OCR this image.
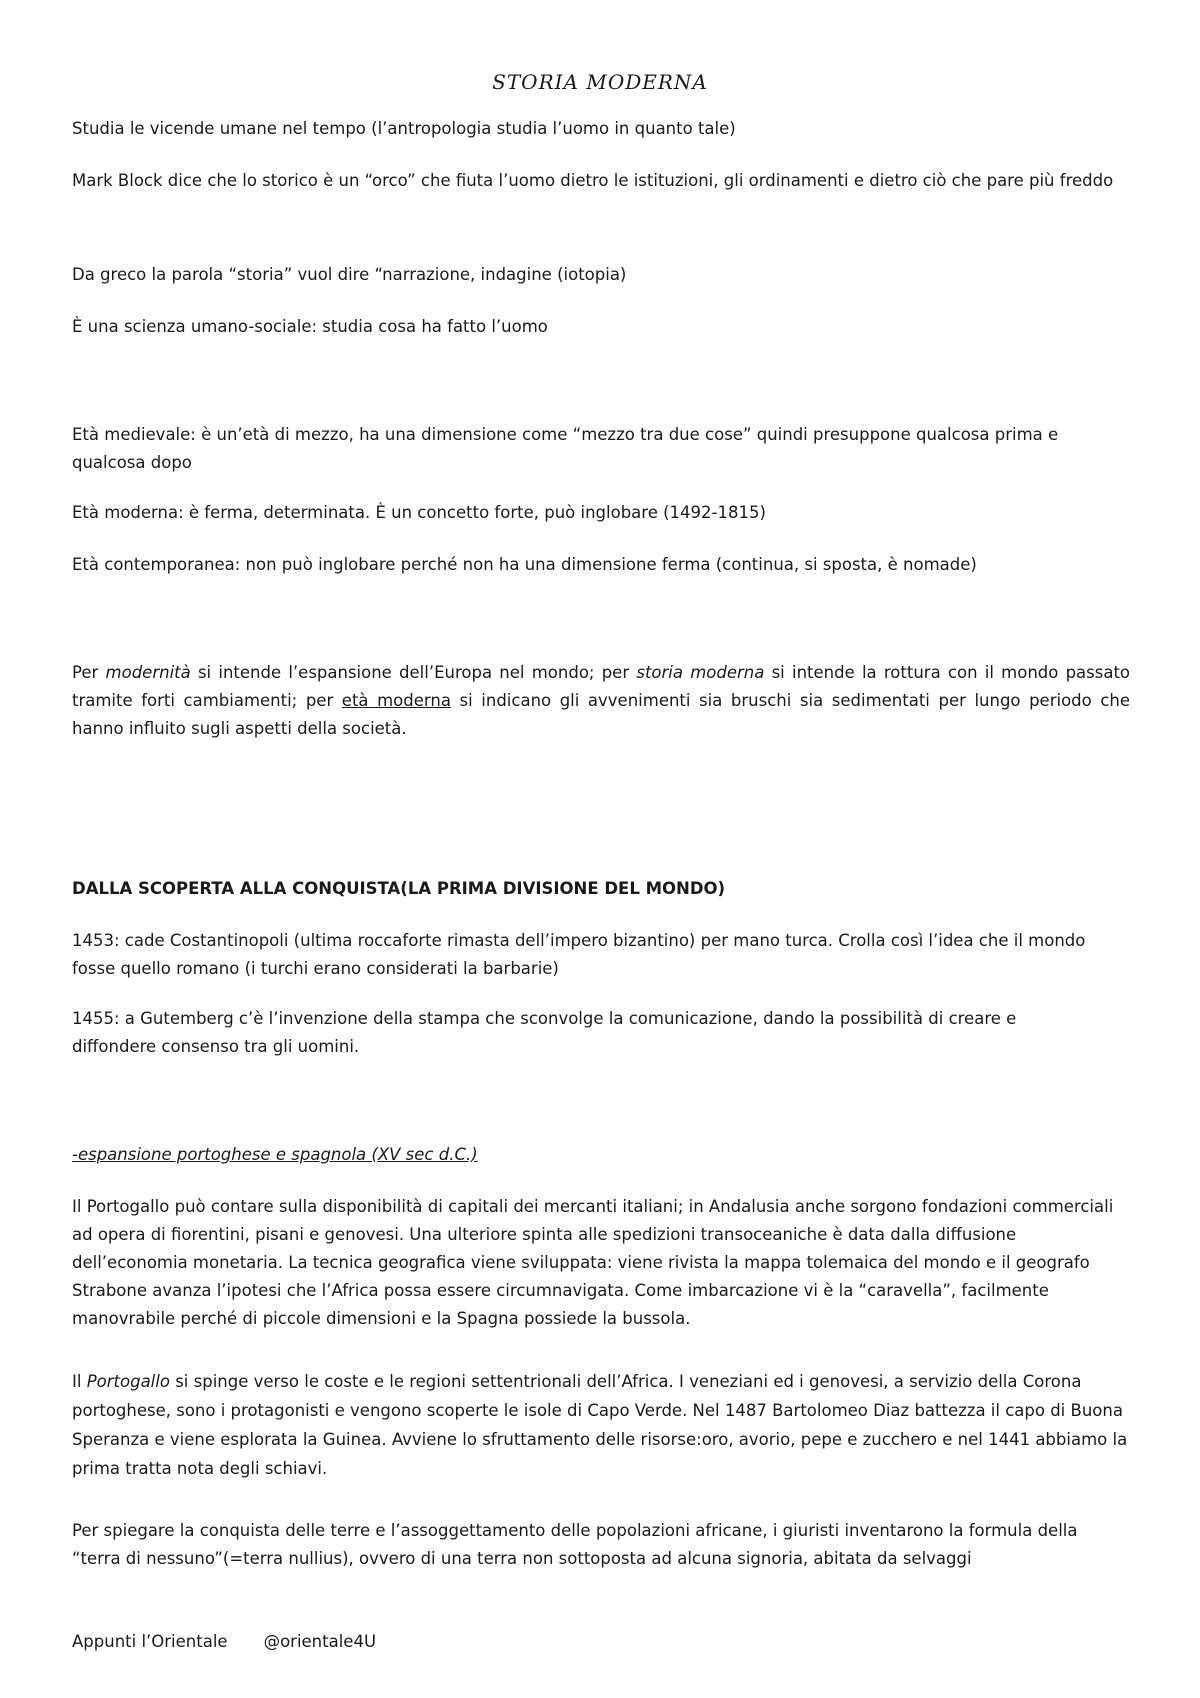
STORIA MODERNA

Studia le vicende umane nel tempo (l’antropologia studia l’uomo in quanto tale)

Mark Block dice che lo storico è un “orco” che fiuta l’uomo dietro le istituzioni, gli ordinamenti e dietro ciò che pare più freddo

Da greco la parola “storia” vuol dire “narrazione, indagine (iotopia)

È una scienza umano-sociale: studia cosa ha fatto l’uomo

Età medievale: è un’età di mezzo, ha una dimensione come “mezzo tra due cose” quindi presuppone qualcosa prima e qualcosa dopo

Età moderna: è ferma, determinata. È un concetto forte, può inglobare (1492-1815)

Età contemporanea: non può inglobare perché non ha una dimensione ferma (continua, si sposta, è nomade)

Per modernità si intende l’espansione dell’Europa nel mondo; per storia moderna si intende la rottura con il mondo passato tramite forti cambiamenti; per età moderna si indicano gli avvenimenti sia bruschi sia sedimentati per lungo periodo che hanno influito sugli aspetti della società.

DALLA SCOPERTA ALLA CONQUISTA(LA PRIMA DIVISIONE DEL MONDO)

1453: cade Costantinopoli (ultima roccaforte rimasta dell’impero bizantino) per mano turca. Crolla così l’idea che il mondo fosse quello romano (i turchi erano considerati la barbarie)

1455: a Gutemberg c’è l’invenzione della stampa che sconvolge la comunicazione, dando la possibilità di creare e diffondere consenso tra gli uomini.

-espansione portoghese e spagnola (XV sec d.C.)

Il Portogallo può contare sulla disponibilità di capitali dei mercanti italiani; in Andalusia anche sorgono fondazioni commerciali ad opera di fiorentini, pisani e genovesi. Una ulteriore spinta alle spedizioni transoceaniche è data dalla diffusione dell’economia monetaria. La tecnica geografica viene sviluppata: viene rivista la mappa tolemaica del mondo e il geografo Strabone avanza l’ipotesi che l’Africa possa essere circumnavigata. Come imbarcazione vi è la “caravella”, facilmente manovrabile perché di piccole dimensioni e la Spagna possiede la bussola.

Il Portogallo si spinge verso le coste e le regioni settentrionali dell’Africa. I veneziani ed i genovesi, a servizio della Corona portoghese, sono i protagonisti e vengono scoperte le isole di Capo Verde. Nel 1487 Bartolomeo Diaz battezza il capo di Buona Speranza e viene esplorata la Guinea. Avviene lo sfruttamento delle risorse:oro, avorio, pepe e zucchero e nel 1441 abbiamo la prima tratta nota degli schiavi.

Per spiegare la conquista delle terre e l’assoggettamento delle popolazioni africane, i giuristi inventarono la formula della “terra di nessuno”(=terra nullius), ovvero di una terra non sottoposta ad alcuna signoria, abitata da selvaggi

Appunti l’Orientale @orientale4U
